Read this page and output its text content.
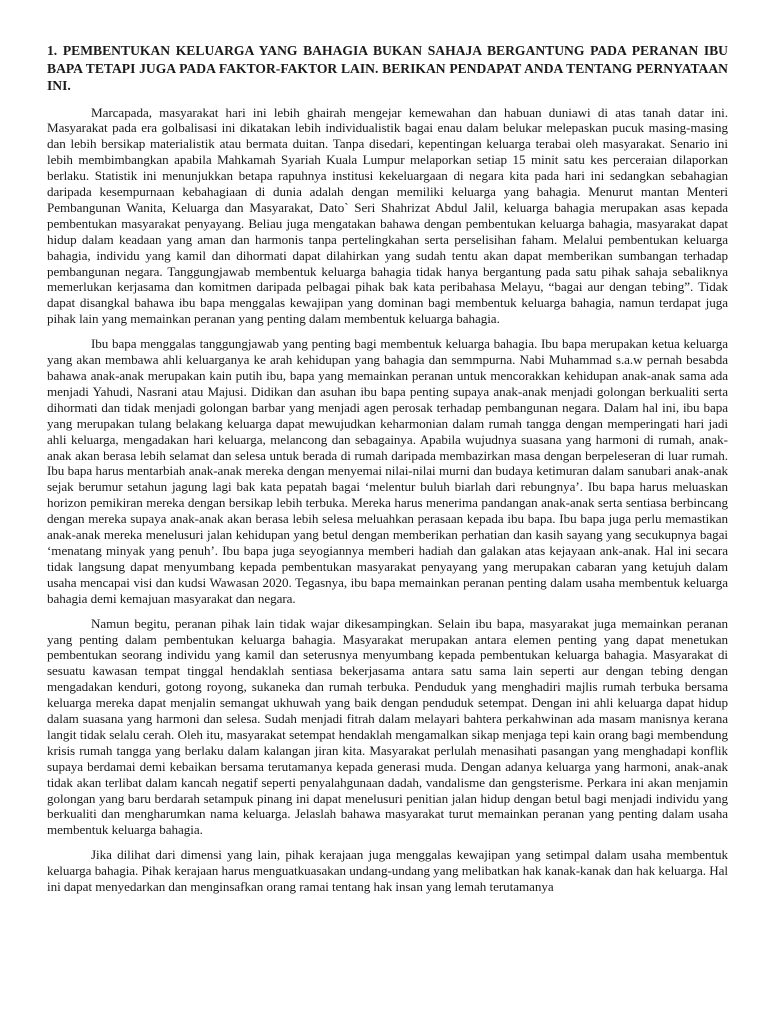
1. PEMBENTUKAN KELUARGA YANG BAHAGIA BUKAN SAHAJA BERGANTUNG PADA PERANAN IBU BAPA TETAPI JUGA PADA FAKTOR-FAKTOR LAIN. BERIKAN PENDAPAT ANDA TENTANG PERNYATAAN INI.

Marcapada, masyarakat hari ini lebih ghairah mengejar kemewahan dan habuan duniawi di atas tanah datar ini. Masyarakat pada era golbalisasi ini dikatakan lebih individualistik bagai enau dalam belukar melepaskan pucuk masing-masing dan lebih bersikap materialistik atau bermata duitan. Tanpa disedari, kepentingan keluarga terabai oleh masyarakat. Senario ini lebih membimbangkan apabila Mahkamah Syariah Kuala Lumpur melaporkan setiap 15 minit satu kes perceraian dilaporkan berlaku. Statistik ini menunjukkan betapa rapuhnya institusi kekeluargaan di negara kita pada hari ini sedangkan sebahagian daripada kesempurnaan kebahagiaan di dunia adalah dengan memiliki keluarga yang bahagia. Menurut mantan Menteri Pembangunan Wanita, Keluarga dan Masyarakat, Dato` Seri Shahrizat Abdul Jalil, keluarga bahagia merupakan asas kepada pembentukan masyarakat penyayang. Beliau juga mengatakan bahawa dengan pembentukan keluarga bahagia, masyarakat dapat hidup dalam keadaan yang aman dan harmonis tanpa pertelingkahan serta perselisihan faham. Melalui pembentukan keluarga bahagia, individu yang kamil dan dihormati dapat dilahirkan yang sudah tentu akan dapat memberikan sumbangan terhadap pembangunan negara. Tanggungjawab membentuk keluarga bahagia tidak hanya bergantung pada satu pihak sahaja sebaliknya memerlukan kerjasama dan komitmen daripada pelbagai pihak bak kata peribahasa Melayu, “bagai aur dengan tebing”. Tidak dapat disangkal bahawa ibu bapa menggalas kewajipan yang dominan bagi membentuk keluarga bahagia, namun terdapat juga pihak lain yang memainkan peranan yang penting dalam membentuk keluarga bahagia.

Ibu bapa menggalas tanggungjawab yang penting bagi membentuk keluarga bahagia. Ibu bapa merupakan ketua keluarga yang akan membawa ahli keluarganya ke arah kehidupan yang bahagia dan semmpurna. Nabi Muhammad s.a.w pernah besabda bahawa anak-anak merupakan kain putih ibu, bapa yang memainkan peranan untuk mencorakkan kehidupan anak-anak sama ada menjadi Yahudi, Nasrani atau Majusi. Didikan dan asuhan ibu bapa penting supaya anak-anak menjadi golongan berkualiti serta dihormati dan tidak menjadi golongan barbar yang menjadi agen perosak terhadap pembangunan negara. Dalam hal ini, ibu bapa yang merupakan tulang belakang keluarga dapat mewujudkan keharmonian dalam rumah tangga dengan memperingati hari jadi ahli keluarga, mengadakan hari keluarga, melancong dan sebagainya. Apabila wujudnya suasana yang harmoni di rumah, anak-anak akan berasa lebih selamat dan selesa untuk berada di rumah daripada membazirkan masa dengan berpeleseran di luar rumah. Ibu bapa harus mentarbiah anak-anak mereka dengan menyemai nilai-nilai murni dan budaya ketimuran dalam sanubari anak-anak sejak berumur setahun jagung lagi bak kata pepatah bagai ‘melentur buluh biarlah dari rebungnya’. Ibu bapa harus meluaskan horizon pemikiran mereka dengan bersikap lebih terbuka. Mereka harus menerima pandangan anak-anak serta sentiasa berbincang dengan mereka supaya anak-anak akan berasa lebih selesa meluahkan perasaan kepada ibu bapa. Ibu bapa juga perlu memastikan anak-anak mereka menelusuri jalan kehidupan yang betul dengan memberikan perhatian dan kasih sayang yang secukupnya bagai ‘menatang minyak yang penuh’. Ibu bapa juga seyogiannya memberi hadiah dan galakan atas kejayaan ank-anak. Hal ini secara tidak langsung dapat menyumbang kepada pembentukan masyarakat penyayang yang merupakan cabaran yang ketujuh dalam usaha mencapai visi dan kudsi Wawasan 2020. Tegasnya, ibu bapa memainkan peranan penting dalam usaha membentuk keluarga bahagia demi kemajuan masyarakat dan negara.

Namun begitu, peranan pihak lain tidak wajar dikesampingkan. Selain ibu bapa, masyarakat juga memainkan peranan yang penting dalam pembentukan keluarga bahagia. Masyarakat merupakan antara elemen penting yang dapat menetukan pembentukan seorang individu yang kamil dan seterusnya menyumbang kepada pembentukan keluarga bahagia. Masyarakat di sesuatu kawasan tempat tinggal hendaklah sentiasa bekerjasama antara satu sama lain seperti aur dengan tebing dengan mengadakan kenduri, gotong royong, sukaneka dan rumah terbuka. Penduduk yang menghadiri majlis rumah terbuka bersama keluarga mereka dapat menjalin semangat ukhuwah yang baik dengan penduduk setempat. Dengan ini ahli keluarga dapat hidup dalam suasana yang harmoni dan selesa. Sudah menjadi fitrah dalam melayari bahtera perkahwinan ada masam manisnya kerana langit tidak selalu cerah. Oleh itu, masyarakat setempat hendaklah mengamalkan sikap menjaga tepi kain orang bagi membendung krisis rumah tangga yang berlaku dalam kalangan jiran kita. Masyarakat perlulah menasihati pasangan yang menghadapi konflik supaya berdamai demi kebaikan bersama terutamanya kepada generasi muda. Dengan adanya keluarga yang harmoni, anak-anak tidak akan terlibat dalam kancah negatif seperti penyalahgunaan dadah, vandalisme dan gengsterisme. Perkara ini akan menjamin golongan yang baru berdarah setampuk pinang ini dapat menelusuri penitian jalan hidup dengan betul bagi menjadi individu yang berkualiti dan mengharumkan nama keluarga. Jelaslah bahawa masyarakat turut memainkan peranan yang penting dalam usaha membentuk keluarga bahagia.

Jika dilihat dari dimensi yang lain, pihak kerajaan juga menggalas kewajipan yang setimpal dalam usaha membentuk keluarga bahagia. Pihak kerajaan harus menguatkuasakan undang-undang yang melibatkan hak kanak-kanak dan hak keluarga. Hal ini dapat menyedarkan dan menginsafkan orang ramai tentang hak insan yang lemah terutamanya
